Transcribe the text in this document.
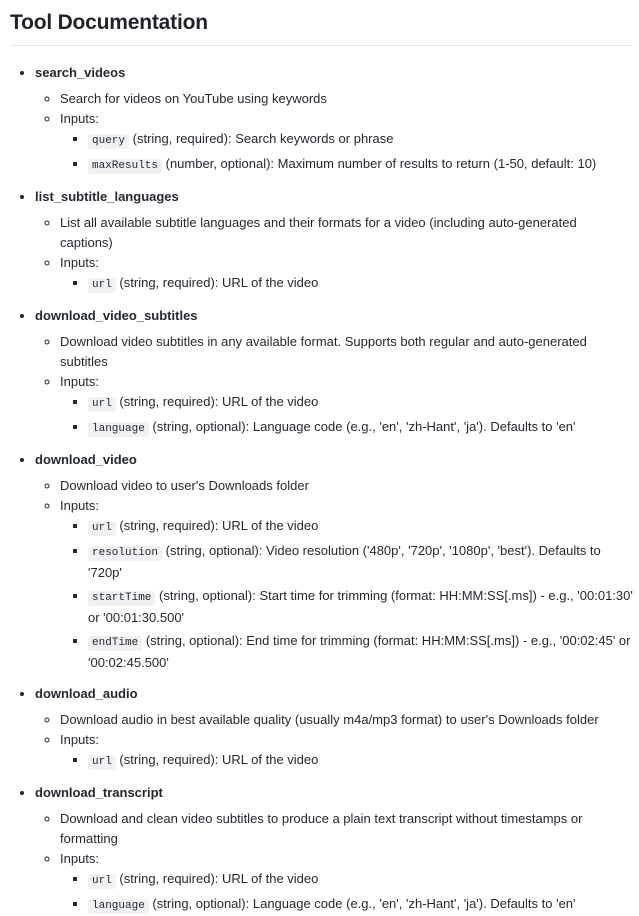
Tool Documentation
• search_videos
◦ Search for videos on YouTube using keywords
◦ Inputs:
▪ query (string, required): Search keywords or phrase
▪ maxResults (number, optional): Maximum number of results to return (1-50, default: 10)
• list_subtitle_languages
◦ List all available subtitle languages and their formats for a video (including auto-generated captions)
◦ Inputs:
▪ url (string, required): URL of the video
• download_video_subtitles
◦ Download video subtitles in any available format. Supports both regular and auto-generated subtitles
◦ Inputs:
▪ url (string, required): URL of the video
▪ language (string, optional): Language code (e.g., 'en', 'zh-Hant', 'ja'). Defaults to 'en'
• download_video
◦ Download video to user's Downloads folder
◦ Inputs:
▪ url (string, required): URL of the video
▪ resolution (string, optional): Video resolution ('480p', '720p', '1080p', 'best'). Defaults to '720p'
▪ startTime (string, optional): Start time for trimming (format: HH:MM:SS[.ms]) - e.g., '00:01:30' or '00:01:30.500'
▪ endTime (string, optional): End time for trimming (format: HH:MM:SS[.ms]) - e.g., '00:02:45' or '00:02:45.500'
• download_audio
◦ Download audio in best available quality (usually m4a/mp3 format) to user's Downloads folder
◦ Inputs:
▪ url (string, required): URL of the video
• download_transcript
◦ Download and clean video subtitles to produce a plain text transcript without timestamps or formatting
◦ Inputs:
▪ url (string, required): URL of the video
▪ language (string, optional): Language code (e.g., 'en', 'zh-Hant', 'ja'). Defaults to 'en'
